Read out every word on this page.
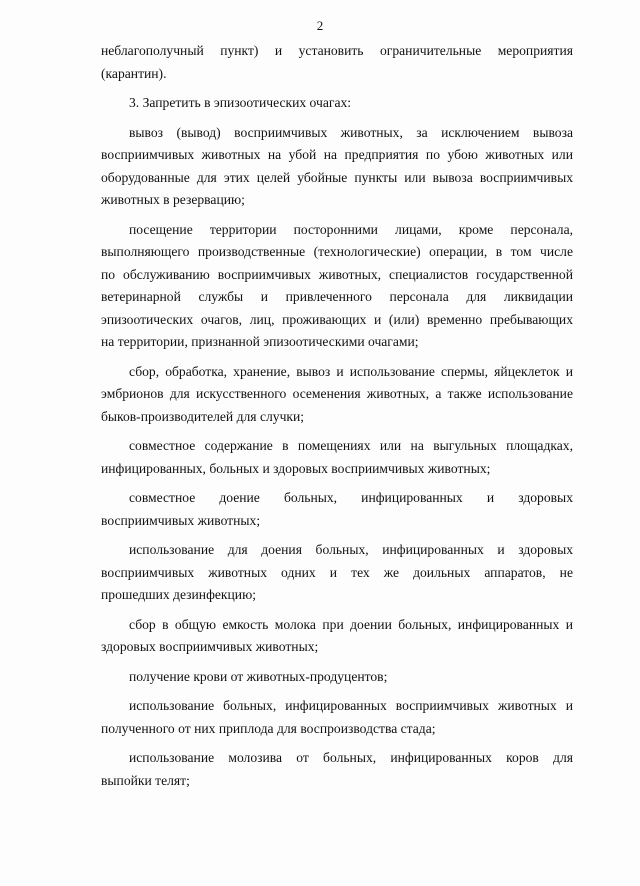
2
неблагополучный пункт) и установить ограничительные мероприятия
(карантин).
3. Запретить в эпизоотических очагах:
вывоз (вывод) восприимчивых животных, за исключением вывоза
восприимчивых животных на убой на предприятия по убою животных или
оборудованные для этих целей убойные пункты или вывоза восприимчивых
животных в резервацию;
посещение территории посторонними лицами, кроме персонала,
выполняющего производственные (технологические) операции, в том числе
по обслуживанию восприимчивых животных, специалистов государственной
ветеринарной службы и привлеченного персонала для ликвидации
эпизоотических очагов, лиц, проживающих и (или) временно пребывающих
на территории, признанной эпизоотическими очагами;
сбор, обработка, хранение, вывоз и использование спермы, яйцеклеток и
эмбрионов для искусственного осеменения животных, а также использование
быков-производителей для случки;
совместное содержание в помещениях или на выгульных площадках,
инфицированных, больных и здоровых восприимчивых животных;
совместное доение больных, инфицированных и здоровых
восприимчивых животных;
использование для доения больных, инфицированных и здоровых
восприимчивых животных одних и тех же доильных аппаратов, не
прошедших дезинфекцию;
сбор в общую емкость молока при доении больных, инфицированных и
здоровых восприимчивых животных;
получение крови от животных-продуцентов;
использование больных, инфицированных восприимчивых животных и
полученного от них приплода для воспроизводства стада;
использование молозива от больных, инфицированных коров для
выпойки телят;
